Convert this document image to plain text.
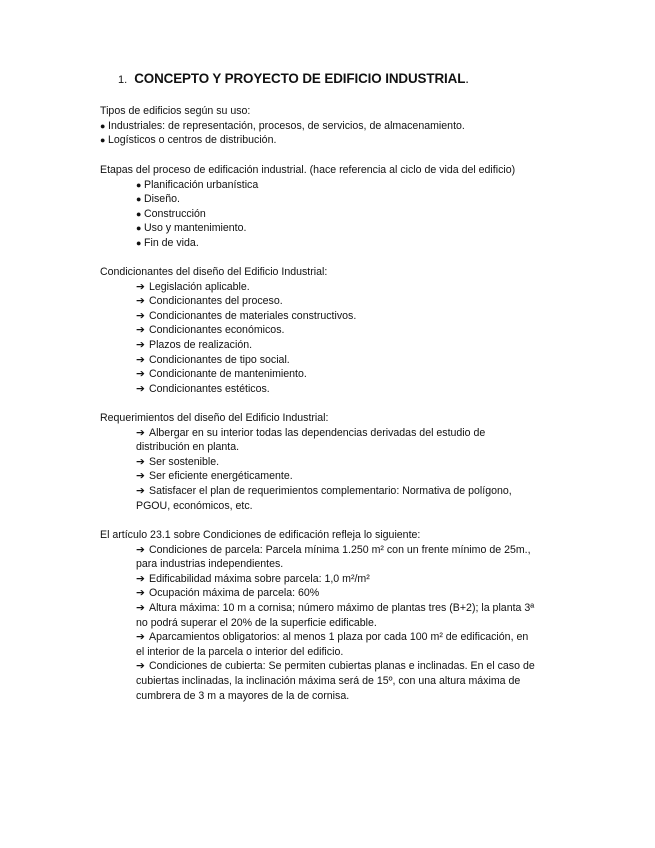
1. CONCEPTO Y PROYECTO DE EDIFICIO INDUSTRIAL.
Tipos de edificios según su uso:
● Industriales: de representación, procesos, de servicios, de almacenamiento.
● Logísticos o centros de distribución.
Etapas del proceso de edificación industrial. (hace referencia al ciclo de vida del edificio)
● Planificación urbanística
● Diseño.
● Construcción
● Uso y mantenimiento.
● Fin de vida.
Condicionantes del diseño del Edificio Industrial:
➔ Legislación aplicable.
➔ Condicionantes del proceso.
➔ Condicionantes de materiales constructivos.
➔ Condicionantes económicos.
➔ Plazos de realización.
➔ Condicionantes de tipo social.
➔ Condicionante de mantenimiento.
➔ Condicionantes estéticos.
Requerimientos del diseño del Edificio Industrial:
➔ Albergar en su interior todas las dependencias derivadas del estudio de distribución en planta.
➔ Ser sostenible.
➔ Ser eficiente energéticamente.
➔ Satisfacer el plan de requerimientos complementario: Normativa de polígono, PGOU, económicos, etc.
El artículo 23.1 sobre Condiciones de edificación refleja lo siguiente:
➔ Condiciones de parcela: Parcela mínima 1.250 m² con un frente mínimo de 25m., para industrias independientes.
➔ Edificabilidad máxima sobre parcela: 1,0 m²/m²
➔ Ocupación máxima de parcela: 60%
➔ Altura máxima: 10 m a cornisa; número máximo de plantas tres (B+2); la planta 3ª no podrá superar el 20% de la superficie edificable.
➔ Aparcamientos obligatorios: al menos 1 plaza por cada 100 m² de edificación, en el interior de la parcela o interior del edificio.
➔ Condiciones de cubierta: Se permiten cubiertas planas e inclinadas. En el caso de cubiertas inclinadas, la inclinación máxima será de 15º, con una altura máxima de cumbrera de 3 m a mayores de la de cornisa.
